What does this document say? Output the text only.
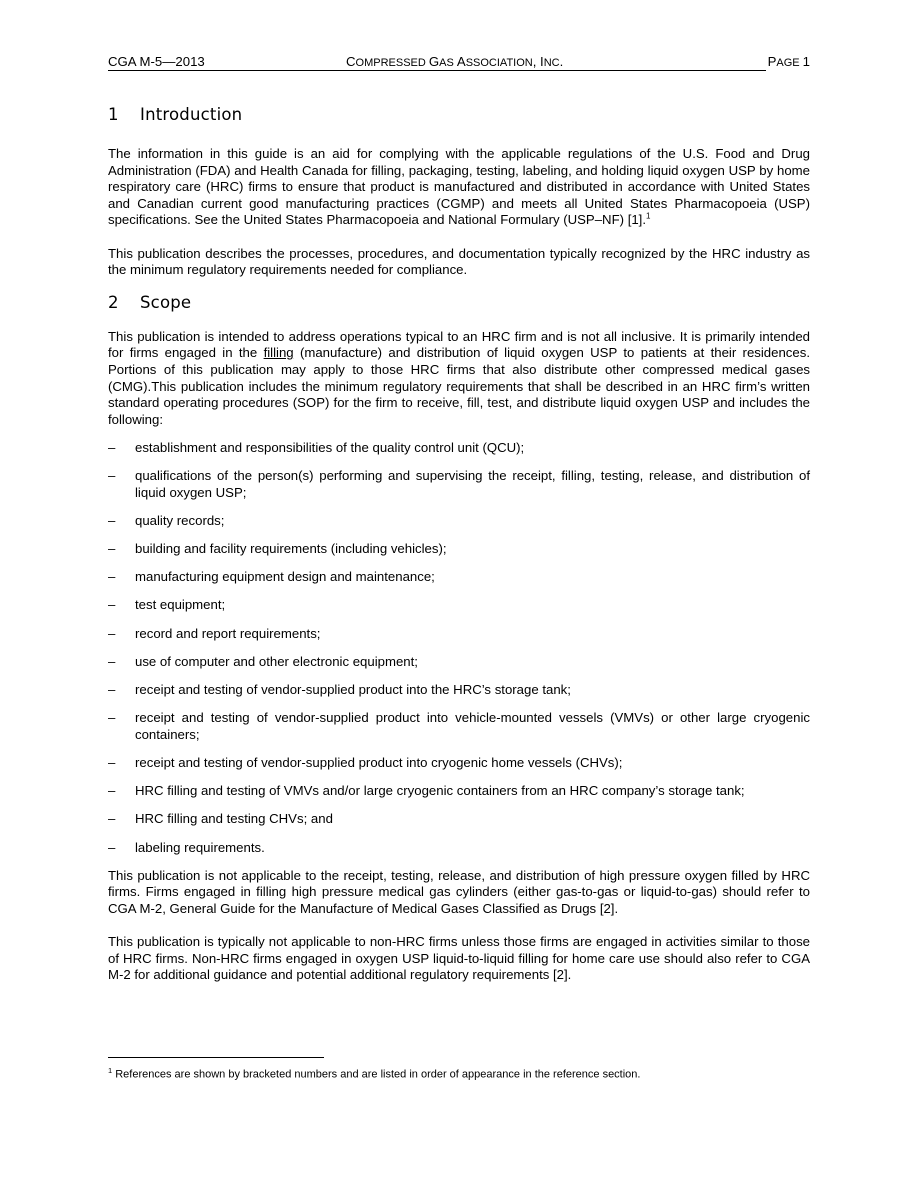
CGA M-5—2013	COMPRESSED GAS ASSOCIATION, INC.	PAGE 1
1 Introduction

The information in this guide is an aid for complying with the applicable regulations of the U.S. Food and Drug Administration (FDA) and Health Canada for filling, packaging, testing, labeling, and holding liquid oxygen USP by home respiratory care (HRC) firms to ensure that product is manufactured and distributed in accordance with United States and Canadian current good manufacturing practices (CGMP) and meets all United States Pharmacopoeia (USP) specifications. See the United States Pharmacopoeia and National Formulary (USP–NF) [1].$^1$

This publication describes the processes, procedures, and documentation typically recognized by the HRC industry as the minimum regulatory requirements needed for compliance.

2 Scope

This publication is intended to address operations typical to an HRC firm and is not all inclusive. It is primarily intended for firms engaged in the filling (manufacture) and distribution of liquid oxygen USP to patients at their residences. Portions of this publication may apply to those HRC firms that also distribute other compressed medical gases (CMG).This publication includes the minimum regulatory requirements that shall be described in an HRC firm’s written standard operating procedures (SOP) for the firm to receive, fill, test, and distribute liquid oxygen USP and includes the following:

– establishment and responsibilities of the quality control unit (QCU);
– qualifications of the person(s) performing and supervising the receipt, filling, testing, release, and distribution of liquid oxygen USP;
– quality records;
– building and facility requirements (including vehicles);
– manufacturing equipment design and maintenance;
– test equipment;
– record and report requirements;
– use of computer and other electronic equipment;
– receipt and testing of vendor-supplied product into the HRC’s storage tank;
– receipt and testing of vendor-supplied product into vehicle-mounted vessels (VMVs) or other large cryogenic containers;
– receipt and testing of vendor-supplied product into cryogenic home vessels (CHVs);
– HRC filling and testing of VMVs and/or large cryogenic containers from an HRC company’s storage tank;
– HRC filling and testing CHVs; and
– labeling requirements.

This publication is not applicable to the receipt, testing, release, and distribution of high pressure oxygen filled by HRC firms. Firms engaged in filling high pressure medical gas cylinders (either gas-to-gas or liquid-to-gas) should refer to CGA M-2, General Guide for the Manufacture of Medical Gases Classified as Drugs [2].

This publication is typically not applicable to non-HRC firms unless those firms are engaged in activities similar to those of HRC firms. Non-HRC firms engaged in oxygen USP liquid-to-liquid filling for home care use should also refer to CGA M-2 for additional guidance and potential additional regulatory requirements [2].

$^1$ References are shown by bracketed numbers and are listed in order of appearance in the reference section.
